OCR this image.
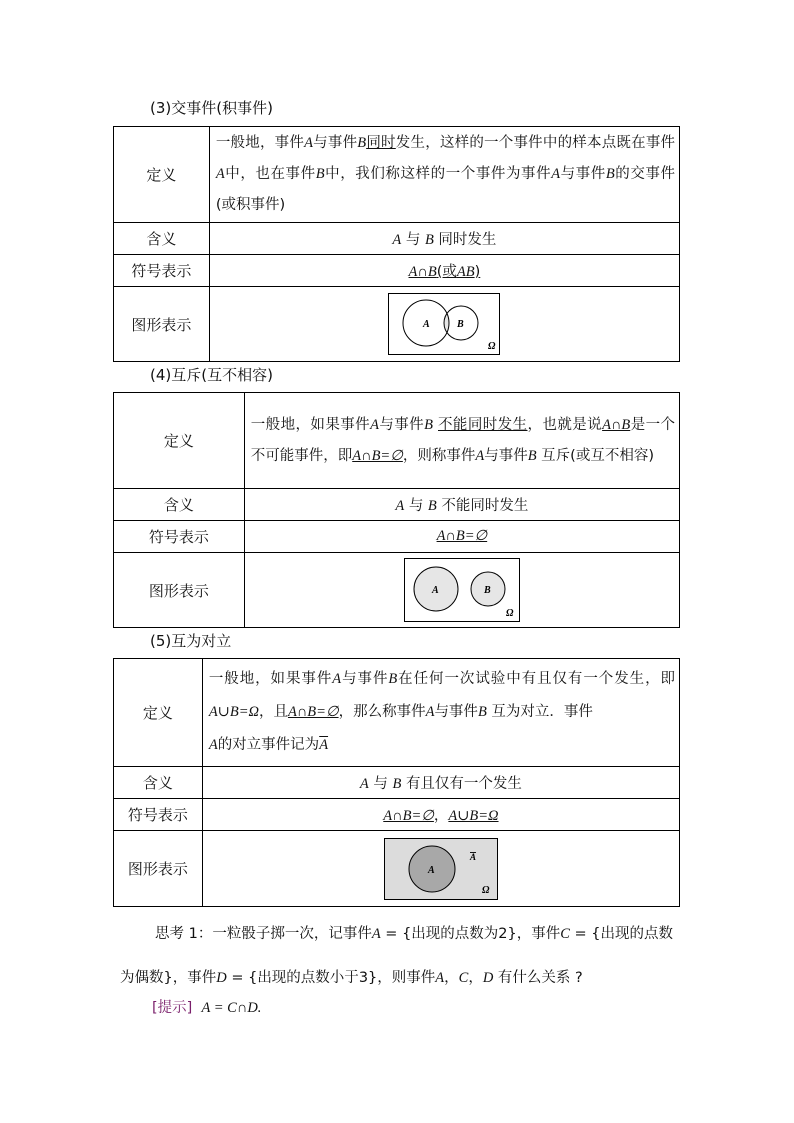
(3)交事件(积事件)
定义	一般地，事件A与事件B同时发生，这样的一个事件中的样本点既在事件A中，也在事件B中，我们称这样的一个事件为事件A与事件B的交事件(或积事件)
含义	A 与 B 同时发生
符号表示	A∩B(或AB)
图形表示	A B
Ω
(4)互斥(互不相容)
定义	一般地，如果事件A与事件B 不能同时发生，也就是说A∩B是一个不可能事件，即A∩B=∅，则称事件A与事件B 互斥(或互不相容)
含义	A 与 B 不能同时发生
符号表示	A∩B=∅
图形表示	A B
Ω
(5)互为对立
定义	一般地，如果事件A与事件B在任何一次试验中有且仅有一个发生，即A∪B=Ω，且A∩B=∅，那么称事件A与事件B 互为对立．事件
A的对立事件记为$\overline{A}$
含义	A 与 B 有且仅有一个发生
符号表示	A∩B=∅，A∪B=Ω
图形表示	A
A
Ω
思考 1：一粒骰子掷一次，记事件A = {出现的点数为2}，事件C = {出现的点数为偶数}，事件D = {出现的点数小于3}，则事件A，C，D 有什么关系 ?
[提示] A = C∩D.
